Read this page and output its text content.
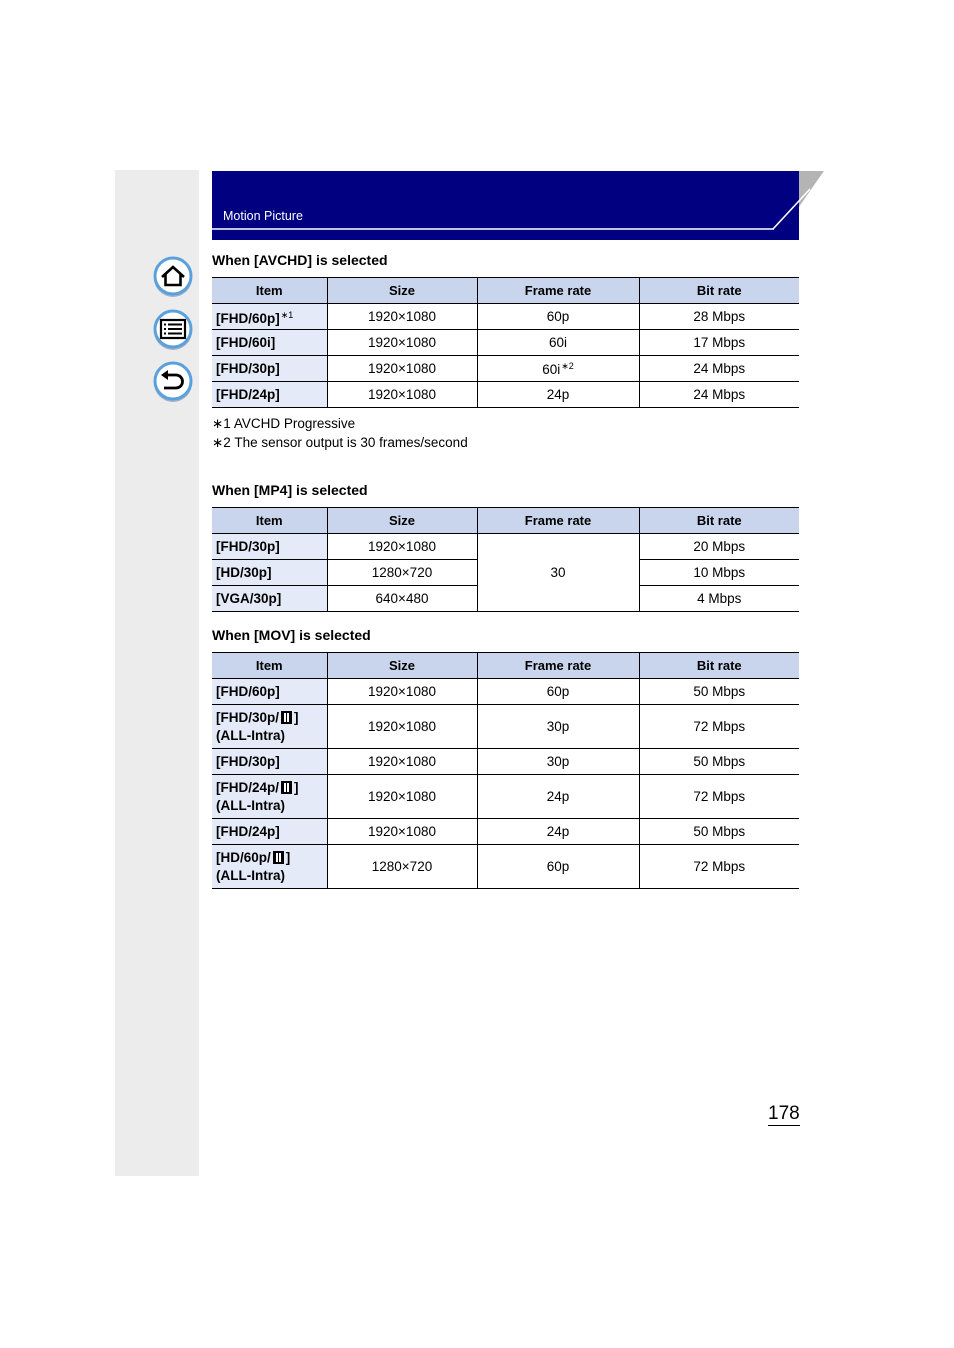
Motion Picture
When [AVCHD] is selected
Item	Size	Frame rate	Bit rate
[FHD/60p]$^{∗1}$	1920×1080	60p	28 Mbps
[FHD/60i]	1920×1080	60i	17 Mbps
[FHD/30p]	1920×1080	60i$^{∗2}$	24 Mbps
[FHD/24p]	1920×1080	24p	24 Mbps
∗1 AVCHD Progressive
∗2 The sensor output is 30 frames/second
When [MP4] is selected
Item	Size	Frame rate	Bit rate
[FHD/30p]	1920×1080	30	20 Mbps
[HD/30p]	1280×720		10 Mbps
[VGA/30p]	640×480		4 Mbps
When [MOV] is selected
Item	Size	Frame rate	Bit rate
[FHD/60p]	1920×1080	60p	50 Mbps
[FHD/30p/ ]
(ALL-Intra)	1920×1080	30p	72 Mbps
[FHD/30p]	1920×1080	30p	50 Mbps
[FHD/24p/ ]
(ALL-Intra)	1920×1080	24p	72 Mbps
[FHD/24p]	1920×1080	24p	50 Mbps
[HD/60p/ ]
(ALL-Intra)	1280×720	60p	72 Mbps
178
